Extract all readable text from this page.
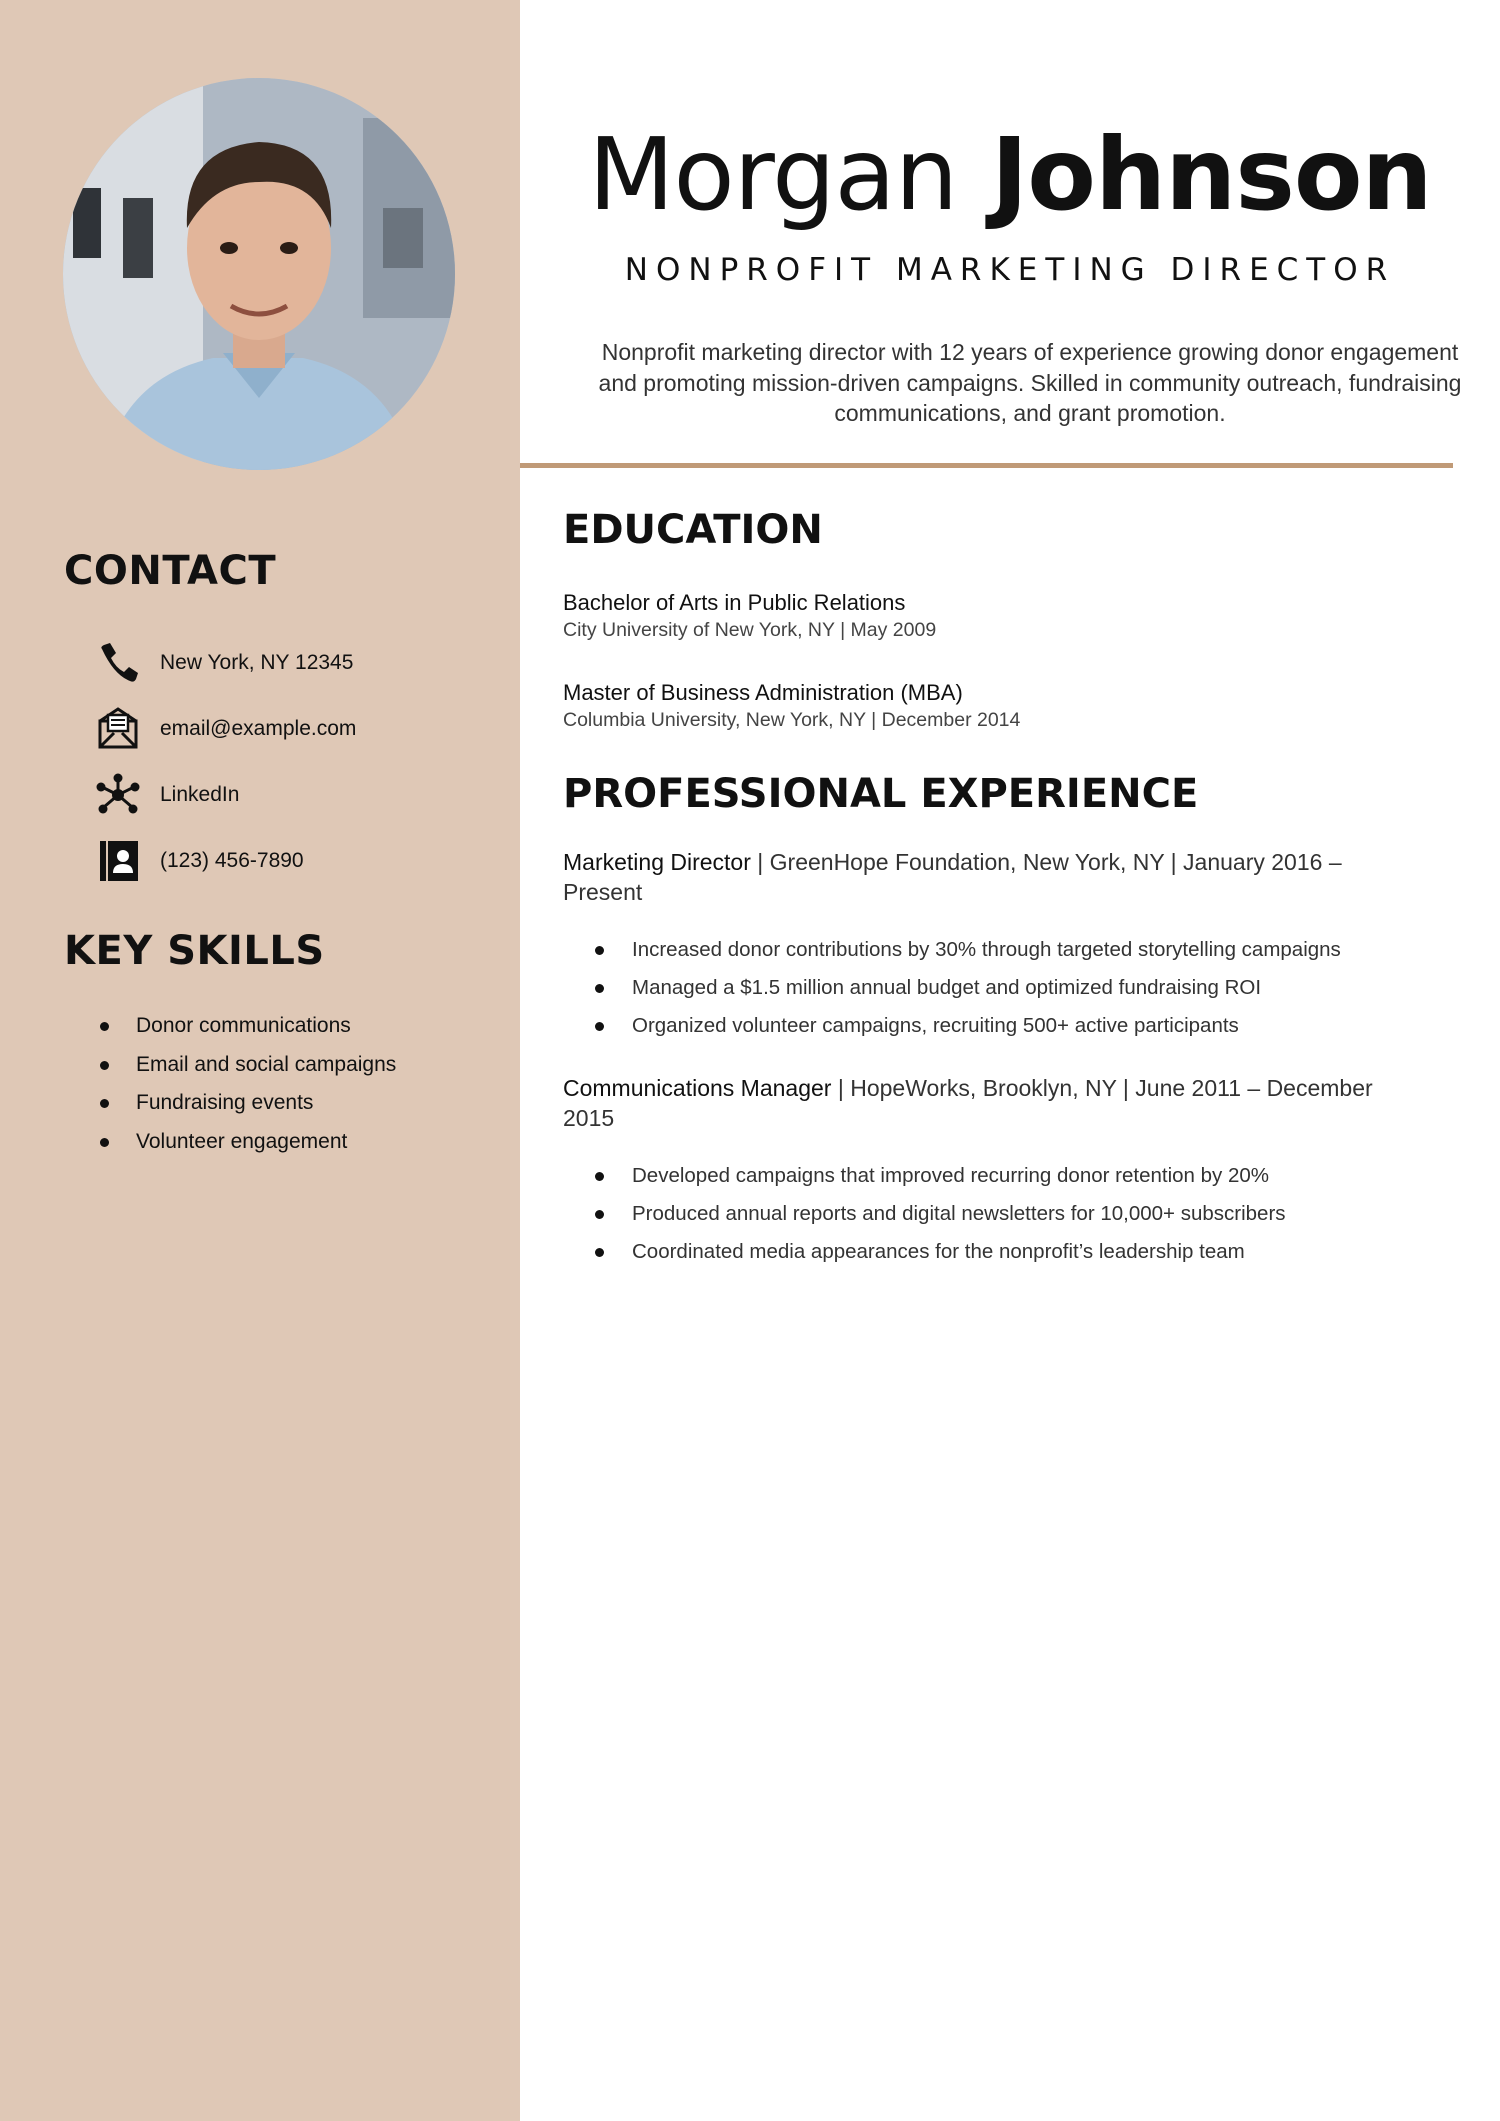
CONTACT
New York, NY 12345
email@example.com
LinkedIn
(123) 456-7890
KEY SKILLS
Donor communications
Email and social campaigns
Fundraising events
Volunteer engagement
Morgan Johnson
NONPROFIT MARKETING DIRECTOR
Nonprofit marketing director with 12 years of experience growing donor engagement and promoting mission-driven campaigns. Skilled in community outreach, fundraising communications, and grant promotion.
EDUCATION
Bachelor of Arts in Public Relations
City University of New York, NY | May 2009
Master of Business Administration (MBA)
Columbia University, New York, NY | December 2014
PROFESSIONAL EXPERIENCE
Marketing Director | GreenHope Foundation, New York, NY | January 2016 – Present
Increased donor contributions by 30% through targeted storytelling campaigns
Managed a $1.5 million annual budget and optimized fundraising ROI
Organized volunteer campaigns, recruiting 500+ active participants
Communications Manager | HopeWorks, Brooklyn, NY | June 2011 – December 2015
Developed campaigns that improved recurring donor retention by 20%
Produced annual reports and digital newsletters for 10,000+ subscribers
Coordinated media appearances for the nonprofit’s leadership team
